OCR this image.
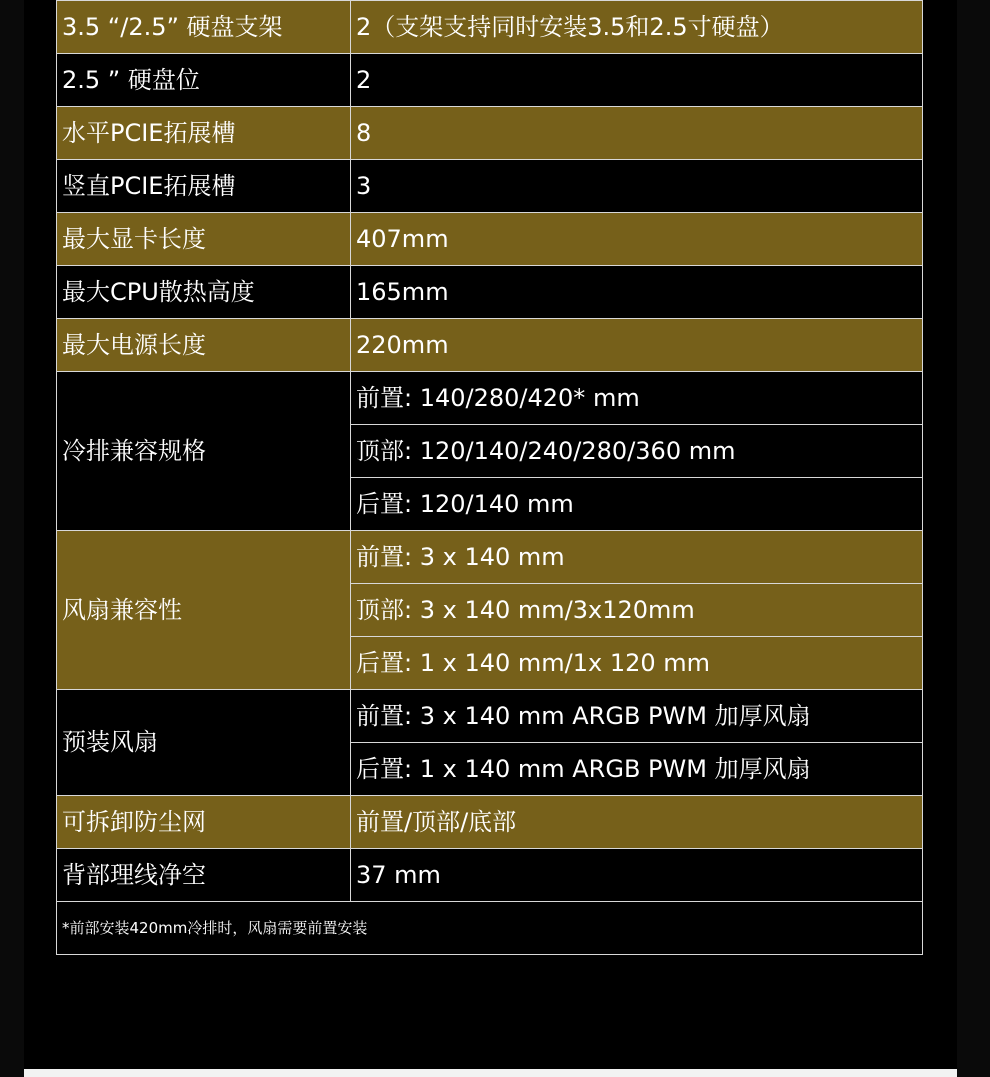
3.5 “/2.5” 硬盘支架	2（支架支持同时安装3.5和2.5寸硬盘）
2.5 ” 硬盘位	2
水平PCIE拓展槽	8
竖直PCIE拓展槽	3
最大显卡长度	407mm
最大CPU散热高度	165mm
最大电源长度	220mm
冷排兼容规格	前置: 140/280/420* mm
	顶部: 120/140/240/280/360 mm
	后置: 120/140 mm
风扇兼容性	前置: 3 x 140 mm
	顶部: 3 x 140 mm/3x120mm
	后置: 1 x 140 mm/1x 120 mm
预装风扇	前置: 3 x 140 mm ARGB PWM 加厚风扇
	后置: 1 x 140 mm ARGB PWM 加厚风扇
可拆卸防尘网	前置/顶部/底部
背部理线净空	37 mm
*前部安装420mm冷排时，风扇需要前置安装	
